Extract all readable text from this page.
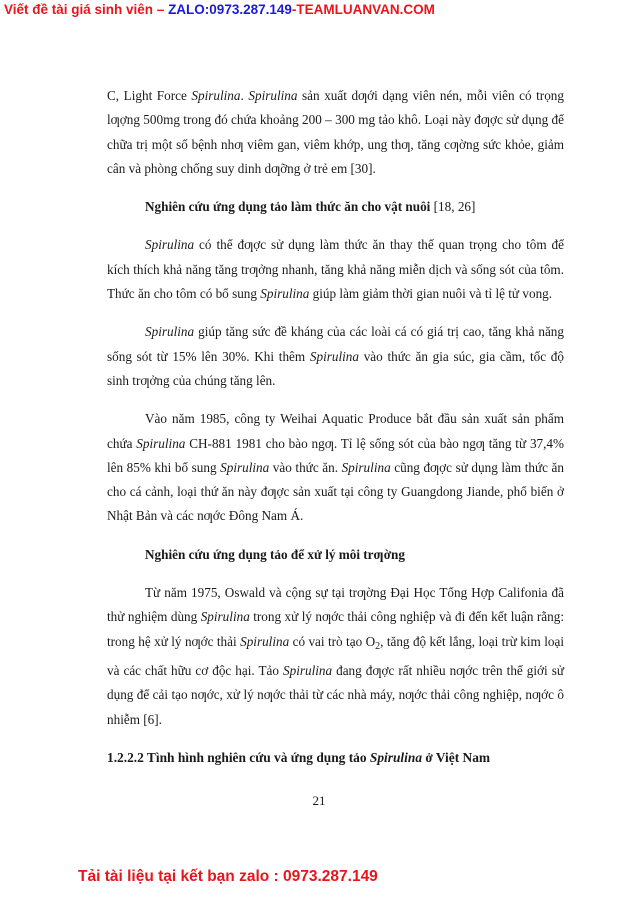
Viết đề tài giá sinh viên – ZALO:0973.287.149-TEAMLUANVAN.COM

C, Light Force Spirulina. Spirulina sản xuất dƣới dạng viên nén, mỗi viên có trọng lƣợng 500mg trong đó chứa khoảng 200 – 300 mg tảo khô. Loại này đƣợc sử dụng để chữa trị một số bệnh nhƣ viêm gan, viêm khớp, ung thƣ, tăng cƣờng sức khỏe, giảm cân và phòng chống suy dinh dƣỡng ở trẻ em [30].

Nghiên cứu ứng dụng tảo làm thức ăn cho vật nuôi [18, 26]

Spirulina có thể đƣợc sử dụng làm thức ăn thay thế quan trọng cho tôm để kích thích khả năng tăng trƣởng nhanh, tăng khả năng miễn dịch và sống sót của tôm. Thức ăn cho tôm có bổ sung Spirulina giúp làm giảm thời gian nuôi và tỉ lệ tử vong.

Spirulina giúp tăng sức đề kháng của các loài cá có giá trị cao, tăng khả năng sống sót từ 15% lên 30%. Khi thêm Spirulina vào thức ăn gia súc, gia cầm, tốc độ sinh trƣởng của chúng tăng lên.

Vào năm 1985, công ty Weihai Aquatic Produce bắt đầu sản xuất sản phẩm chứa Spirulina CH-881 1981 cho bào ngƣ. Tỉ lệ sống sót của bào ngƣ tăng từ 37,4% lên 85% khi bổ sung Spirulina vào thức ăn. Spirulina cũng đƣợc sử dụng làm thức ăn cho cá cảnh, loại thứ ăn này đƣợc sản xuất tại công ty Guangdong Jiande, phổ biến ở Nhật Bản và các nƣớc Đông Nam Á.

Nghiên cứu ứng dụng tảo để xử lý môi trƣờng

Từ năm 1975, Oswald và cộng sự tại trƣờng Đại Học Tổng Hợp Califonia đã thử nghiệm dùng Spirulina trong xử lý nƣớc thải công nghiệp và đi đến kết luận rằng: trong hệ xử lý nƣớc thải Spirulina có vai trò tạo $O_2$, tăng độ kết lắng, loại trừ kim loại và các chất hữu cơ độc hại. Tảo Spirulina đang đƣợc rất nhiều nƣớc trên thế giới sử dụng để cải tạo nƣớc, xử lý nƣớc thải từ các nhà máy, nƣớc thải công nghiệp, nƣớc ô nhiễm [6].

1.2.2.2 Tình hình nghiên cứu và ứng dụng tảo Spirulina ở Việt Nam

21
Tải tài liệu tại kết bạn zalo : 0973.287.149
